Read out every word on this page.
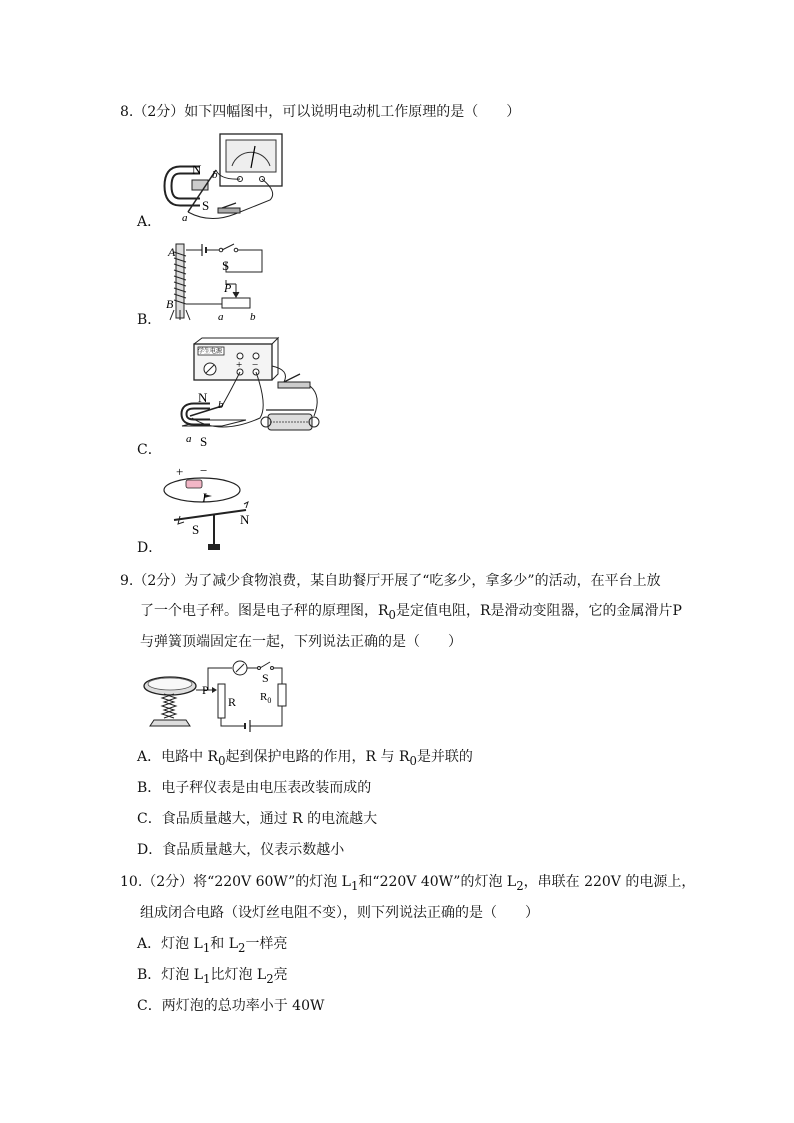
8.（2分）如下四幅图中，可以说明电动机工作原理的是（　　）
N
S
a
b
A．
A
B
S
P
a b
B．
学生电源
+ −
N
S
a
b
C．
+ −
I
S
N
D．
9.（2分）为了减少食物浪费，某自助餐厅开展了“吃多少，拿多少”的活动，在平台上放
了一个电子秤。图是电子秤的原理图，$R_0$是定值电阻，R是滑动变阻器，它的金属滑片P
与弹簧顶端固定在一起，下列说法正确的是（　　）
P
R
S
$R_0$
A．电路中 $R_0$起到保护电路的作用，R 与 $R_0$是并联的
B．电子秤仪表是由电压表改装而成的
C．食品质量越大，通过 R 的电流越大
D．食品质量越大，仪表示数越小
10.（2分）将“220V 60W”的灯泡 $L_1$和“220V 40W”的灯泡 $L_2$，串联在 220V 的电源上，
组成闭合电路（设灯丝电阻不变），则下列说法正确的是（　　）
A．灯泡 $L_1$和 $L_2$一样亮
B．灯泡 $L_1$比灯泡 $L_2$亮
C．两灯泡的总功率小于 40W
